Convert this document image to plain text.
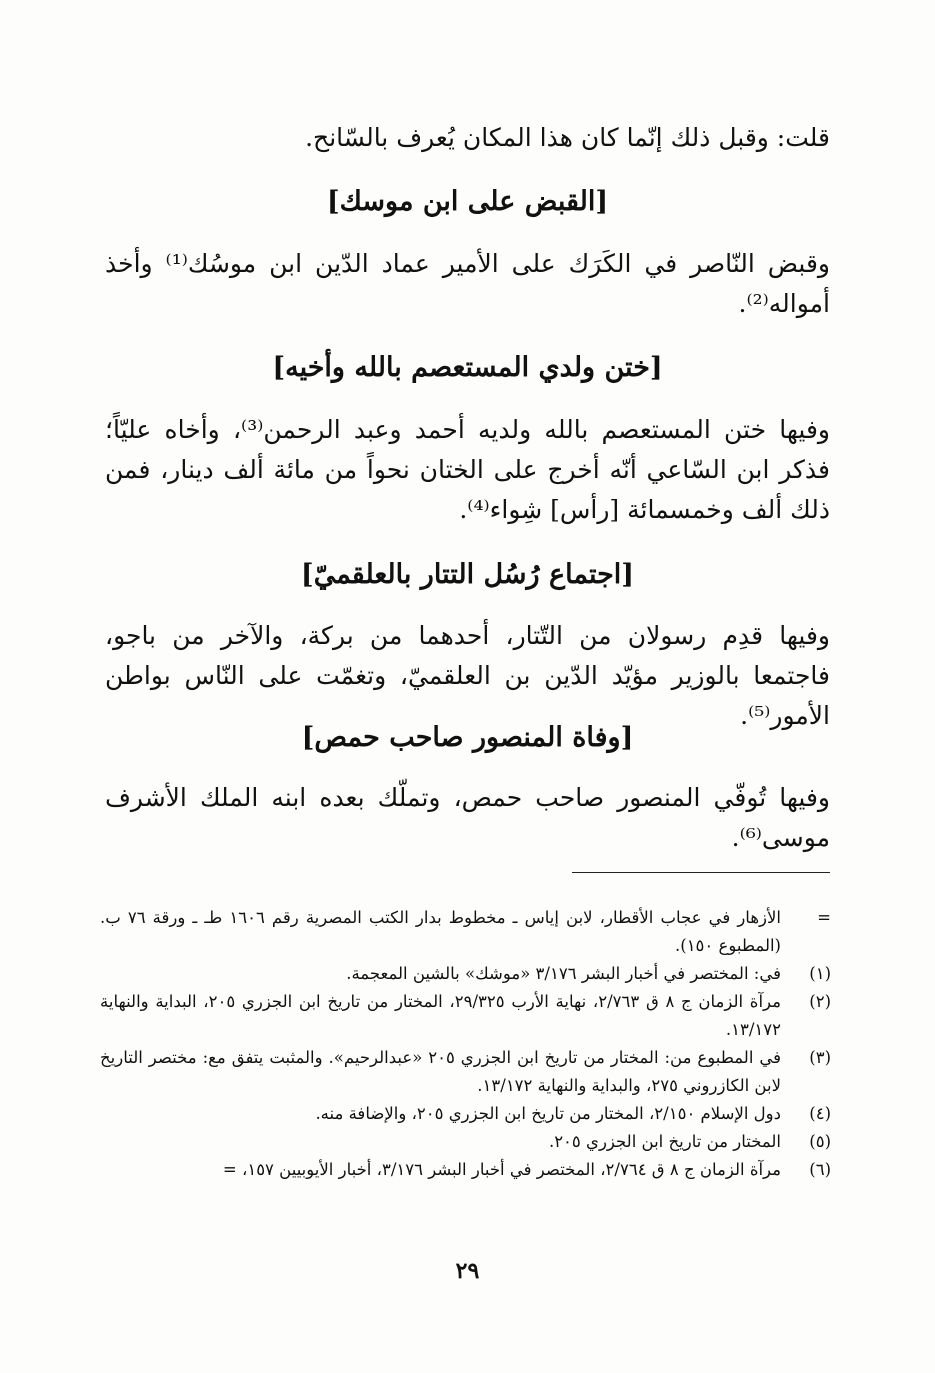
قلت: وقبل ذلك إنّما كان هذا المكان يُعرف بالسّانح.
[القبض على ابن موسك]
وقبض النّاصر في الكَرَك على الأمير عماد الدّين ابن موسُك⁽¹⁾ وأخذ أمواله⁽²⁾.
[ختن ولدي المستعصم بالله وأخيه]
وفيها ختن المستعصم بالله ولديه أحمد وعبد الرحمن⁽³⁾، وأخاه عليّاً؛ فذكر ابن السّاعي أنّه أخرج على الختان نحواً من مائة ألف دينار، فمن ذلك ألف وخمسمائة [رأس] شِواء⁽⁴⁾.
[اجتماع رُسُل التتار بالعلقميّ]
وفيها قدِم رسولان من التّتار، أحدهما من بركة، والآخر من باجو، فاجتمعا بالوزير مؤيّد الدّين بن العلقميّ، وتغمّت على النّاس بواطن الأمور⁽⁵⁾.
[وفاة المنصور صاحب حمص]
وفيها تُوفّي المنصور صاحب حمص، وتملّك بعده ابنه الملك الأشرف موسى⁽⁶⁾.
=
الأزهار في عجاب الأقطار، لابن إياس ـ مخطوط بدار الكتب المصرية رقم ١٦٠٦ طـ ـ ورقة ٧٦ ب. (المطبوع ١٥٠).
(١)
في: المختصر في أخبار البشر ٣/١٧٦ «موشك» بالشين المعجمة.
(٢)
مرآة الزمان ج ٨ ق ٢/٧٦٣، نهاية الأرب ٢٩/٣٢٥، المختار من تاريخ ابن الجزري ٢٠٥، البداية والنهاية ١٣/١٧٢.
(٣)
في المطبوع من: المختار من تاريخ ابن الجزري ٢٠٥ «عبدالرحيم». والمثبت يتفق مع: مختصر التاريخ لابن الكازروني ٢٧٥، والبداية والنهاية ١٣/١٧٢.
(٤)
دول الإسلام ٢/١٥٠، المختار من تاريخ ابن الجزري ٢٠٥، والإضافة منه.
(٥)
المختار من تاريخ ابن الجزري ٢٠٥.
(٦)
مرآة الزمان ج ٨ ق ٢/٧٦٤، المختصر في أخبار البشر ٣/١٧٦، أخبار الأيوبيين ١٥٧، =
٢٩
